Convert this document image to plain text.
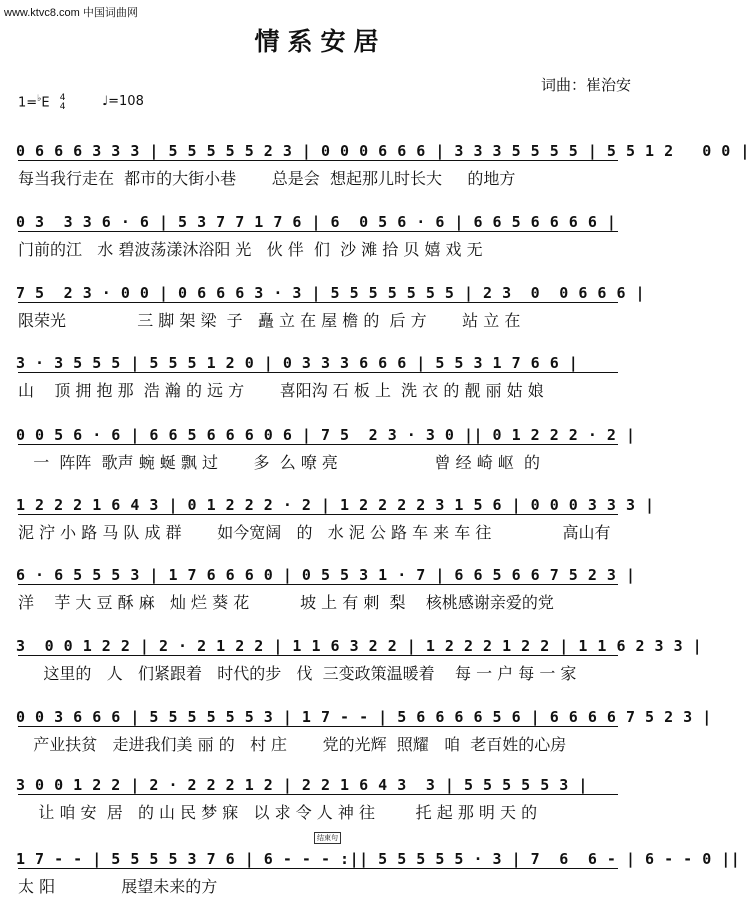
www.ktvc8.com 中国词曲网
情系安居
词曲：崔治安
1=♭E 4
4	♩=108
0 6 6 6 3 3 3 | 5 5 5 5 5 2 3 | 0 0 0 6 6 6 | 3 3 3 5 5 5 5 | 5 5 1 2   0 0 |
每当我行走在  都市的大街小巷       总是会  想起那儿时长大     的地方
0 3  3 3 6 · 6 | 5 3 7 7 1 7 6 | 6  0 5 6 · 6 | 6 6 5 6 6 6 6 |
门前的江   水 碧波荡漾沐浴阳 光   伙 伴  们  沙 滩 拾 贝 嬉 戏 无
7 5  2 3 · 0 0 | 0 6 6 6 3 · 3 | 5 5 5 5 5 5 5 | 2 3  0  0 6 6 6 |
限荣光              三 脚 架 梁  子   矗 立 在 屋 檐 的  后 方       站 立 在
3 · 3 5 5 5 | 5 5 5 1 2 0 | 0 3 3 3 6 6 6 | 5 5 3 1 7 6 6 |
山    顶 拥 抱 那  浩 瀚 的 远 方       喜阳沟 石 板 上  洗 衣 的 靓 丽 姑 娘
0 0 5 6 · 6 | 6 6 5 6 6 6 0 6 | 7 5  2 3 · 3 0 || 0 1 2 2 2 · 2 |
一  阵阵  歌声 蜿 蜒 飘 过       多  么 嘹 亮                   曾 经 崎 岖  的
1 2 2 2 1 6 4 3 | 0 1 2 2 2 · 2 | 1 2 2 2 2 3 1 5 6 | 0 0 0 3 3 3 |
泥 泞 小 路 马 队 成 群       如今宽阔   的   水 泥 公 路 车 来 车 往              高山有
6 · 6 5 5 5 3 | 1 7 6 6 6 0 | 0 5 5 3 1 · 7 | 6 6 5 6 6 7 5 2 3 |
洋    芋 大 豆 酥 麻   灿 烂 葵 花          坡 上 有 刺  梨    核桃感谢亲爱的党
3  0 0 1 2 2 | 2 · 2 1 2 2 | 1 1 6 3 2 2 | 1 2 2 2 1 2 2 | 1 1 6 2 3 3 |
这里的   人   们紧跟着   时代的步   伐  三变政策温暖着    每 一 户 每 一 家
0 0 3 6 6 6 | 5 5 5 5 5 5 3 | 1 7 - - | 5 6 6 6 6 5 6 | 6 6 6 6 7 5 2 3 |
产业扶贫   走进我们美 丽 的   村 庄       党的光辉  照耀   咱  老百姓的心房
3 0 0 1 2 2 | 2 · 2 2 2 1 2 | 2 2 1 6 4 3  3 | 5 5 5 5 5 3 |
让 咱 安  居   的 山 民 梦 寐   以 求 令 人 神 往        托 起 那 明 天 的
结束句
1 7 - - | 5 5 5 5 3 7 6 | 6 - - - :|| 5 5 5 5 5 · 3 | 7  6  6 - | 6 - - 0 ||
太 阳             展望未来的方
